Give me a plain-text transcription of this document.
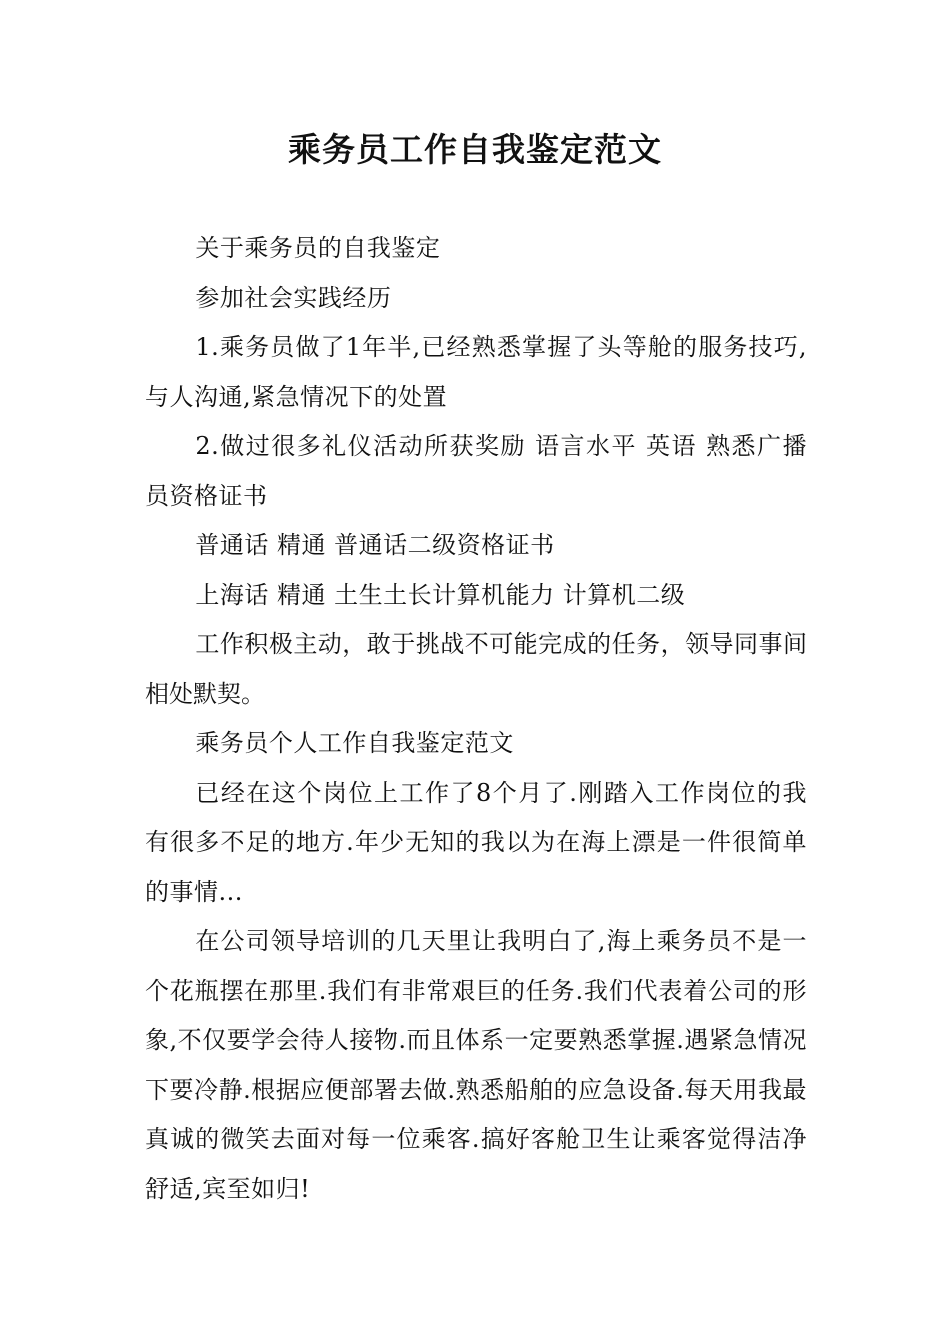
乘务员工作自我鉴定范文

关于乘务员的自我鉴定

参加社会实践经历

1.乘务员做了1年半,已经熟悉掌握了头等舱的服务技巧,与人沟通,紧急情况下的处置

2.做过很多礼仪活动所获奖励 语言水平 英语 熟悉广播员资格证书

普通话 精通 普通话二级资格证书

上海话 精通 土生土长计算机能力 计算机二级

工作积极主动，敢于挑战不可能完成的任务，领导同事间相处默契。

乘务员个人工作自我鉴定范文

已经在这个岗位上工作了8个月了.刚踏入工作岗位的我有很多不足的地方.年少无知的我以为在海上漂是一件很简单的事情...

在公司领导培训的几天里让我明白了,海上乘务员不是一个花瓶摆在那里.我们有非常艰巨的任务.我们代表着公司的形象,不仅要学会待人接物.而且体系一定要熟悉掌握.遇紧急情况下要冷静.根据应便部署去做.熟悉船舶的应急设备.每天用我最真诚的微笑去面对每一位乘客.搞好客舱卫生让乘客觉得洁净舒适,宾至如归!
